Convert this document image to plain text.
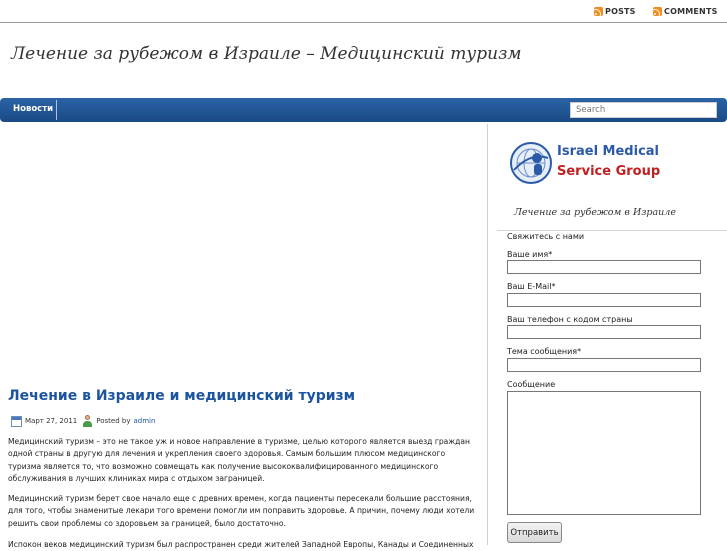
POSTS	COMMENTS
Лечение за рубежом в Израиле – Медицинский туризм
Новости
Search
Лечение в Израиле и медицинский туризм
Март 27, 2011	Posted by admin

Медицинский туризм – это не такое уж и новое направление в туризме, целью которого является выезд граждан одной страны в другую для лечения и укрепления своего здоровья. Самым большим плюсом медицинского туризма является то, что возможно совмещать как получение высококвалифицированного медицинского обслуживания в лучших клиниках мира с отдыхом заграницей.

Медицинский туризм берет свое начало еще с древних времен, когда пациенты пересекали большие расстояния, для того, чтобы знаменитые лекари того времени помогли им поправить здоровье. А причин, почему люди хотели решить свои проблемы со здоровьем за границей, было достаточно.

Испокон веков медицинский туризм был распространен среди жителей Западной Европы, Канады и Соединенных

Israel Medical
Service Group
Лечение за рубежом в Израиле
Свяжитесь с нами
Ваше имя*
Ваш E-Mail*
Ваш телефон с кодом страны
Тема сообщения*
Сообщение
Отправить
